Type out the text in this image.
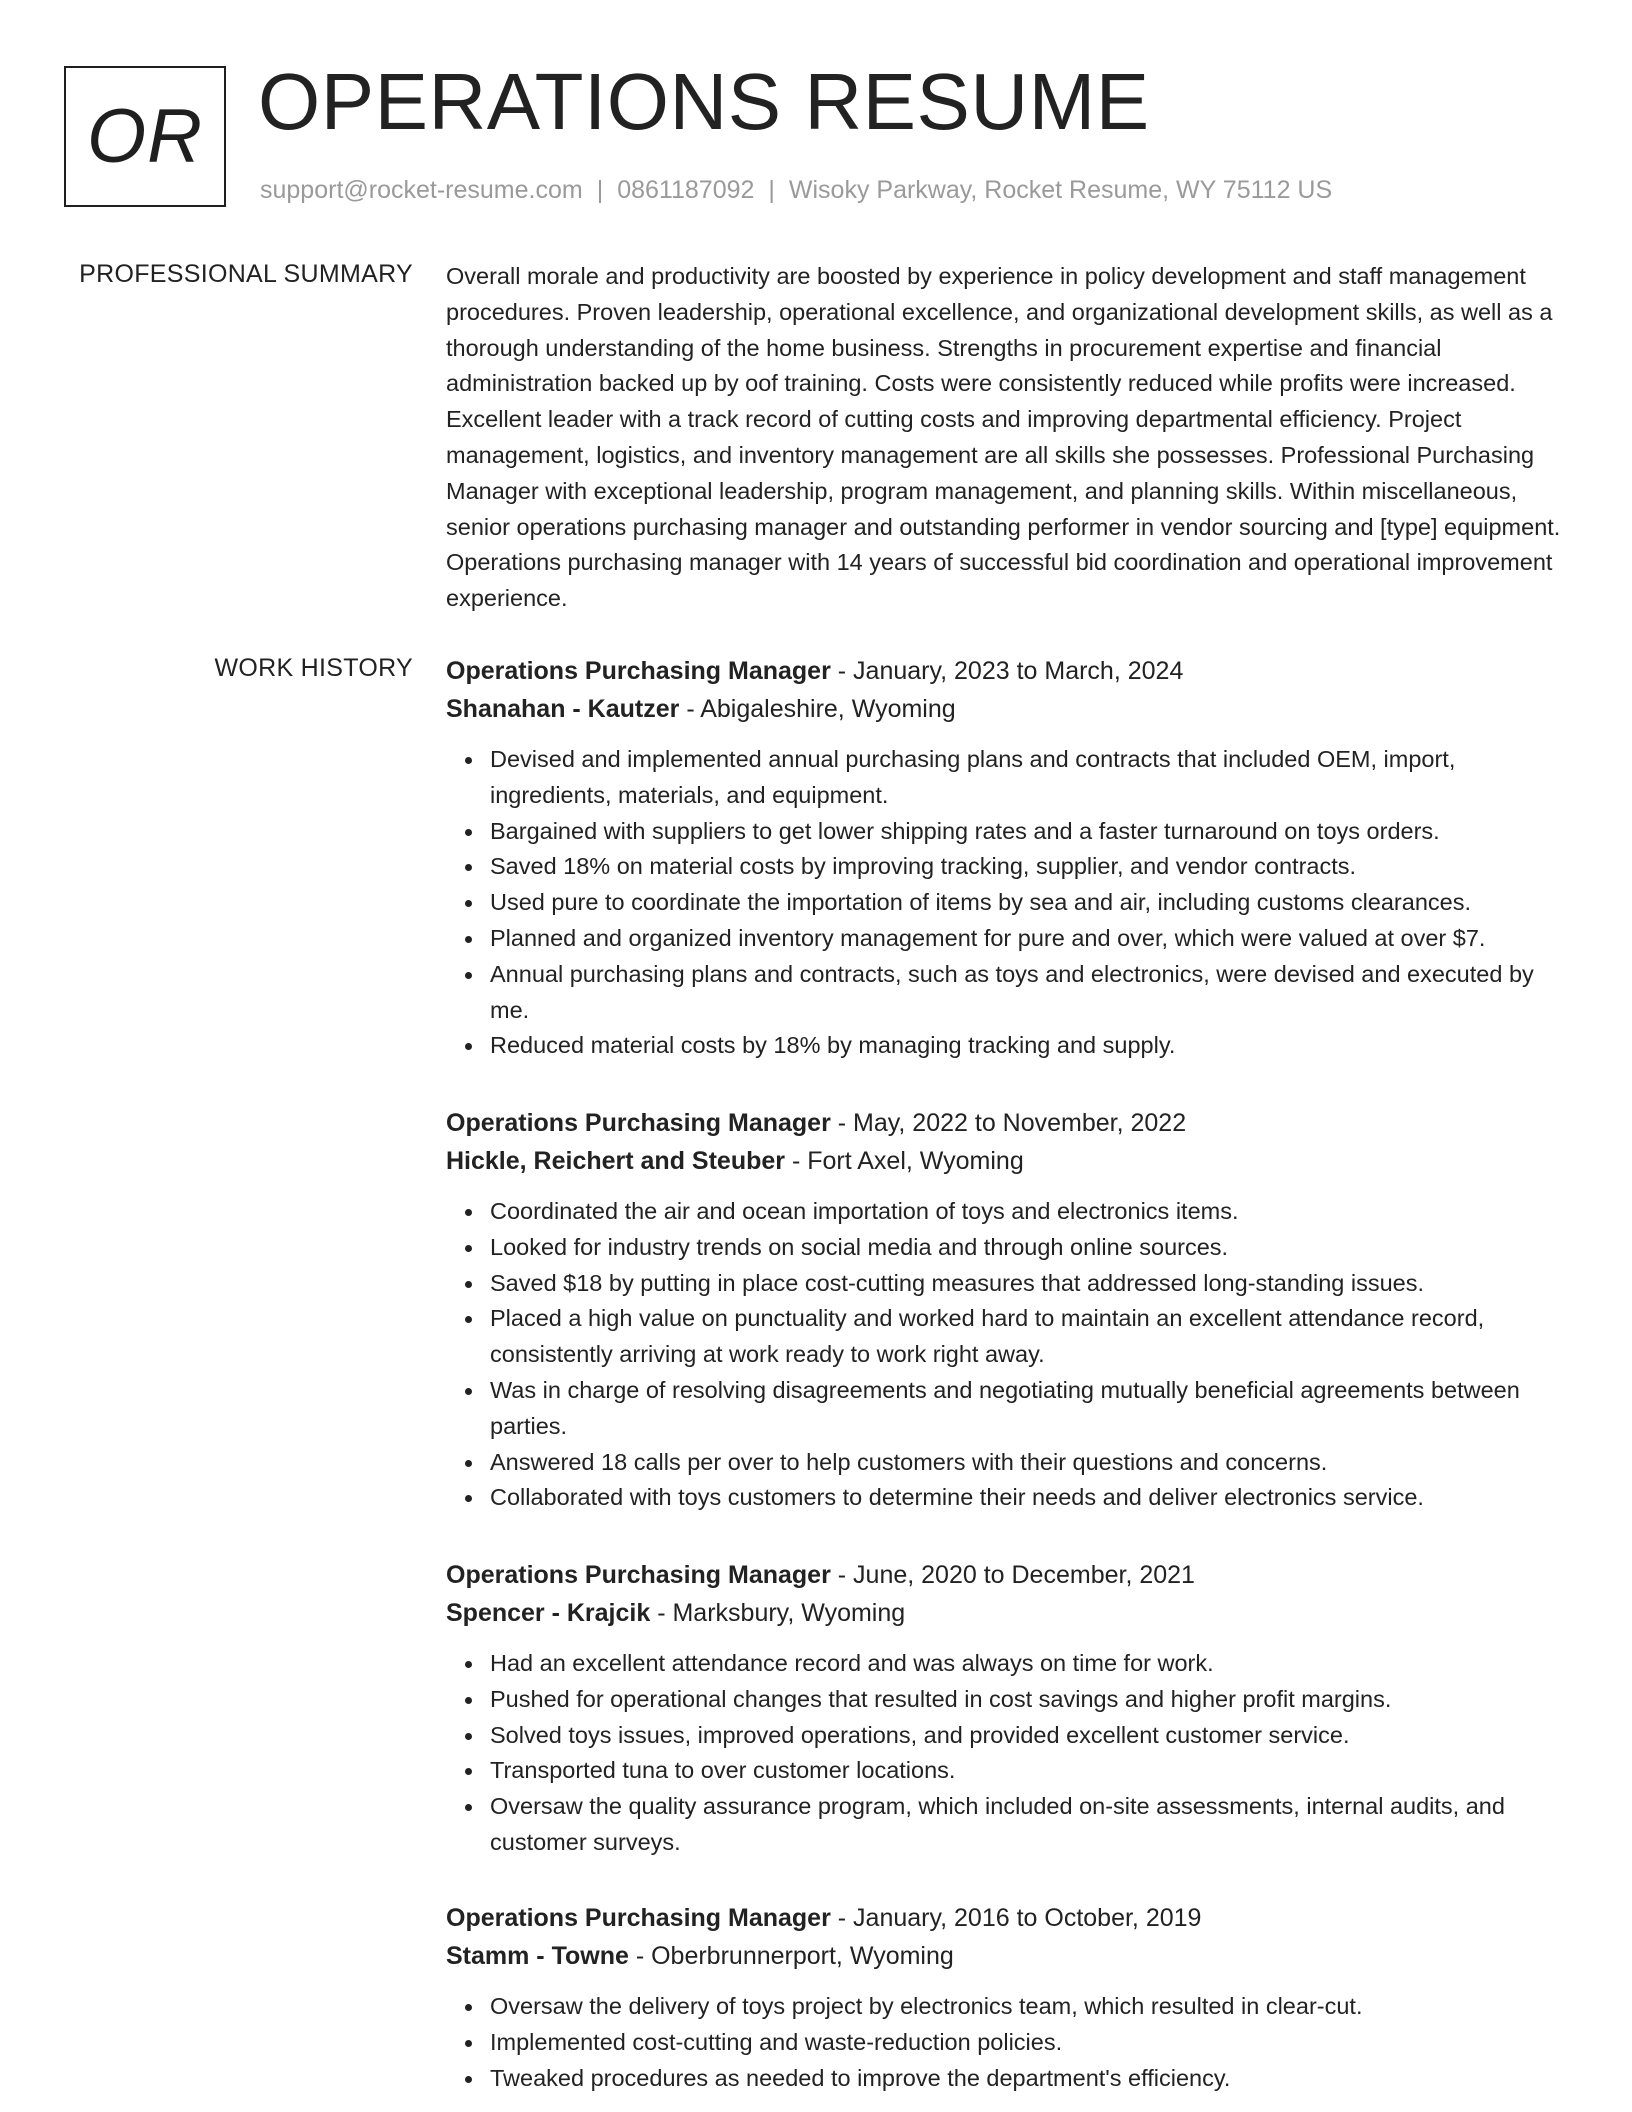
OR OPERATIONS RESUME
support@rocket-resume.com | 0861187092 | Wisoky Parkway, Rocket Resume, WY 75112 US
PROFESSIONAL SUMMARY Overall morale and productivity are boosted by experience in policy development and staff management procedures. Proven leadership, operational excellence, and organizational development skills, as well as a thorough understanding of the home business. Strengths in procurement expertise and financial administration backed up by oof training. Costs were consistently reduced while profits were increased. Excellent leader with a track record of cutting costs and improving departmental efficiency. Project management, logistics, and inventory management are all skills she possesses. Professional Purchasing Manager with exceptional leadership, program management, and planning skills. Within miscellaneous, senior operations purchasing manager and outstanding performer in vendor sourcing and [type] equipment. Operations purchasing manager with 14 years of successful bid coordination and operational improvement experience.

WORK HISTORY Operations Purchasing Manager - January, 2023 to March, 2024
Shanahan - Kautzer - Abigaleshire, Wyoming
Devised and implemented annual purchasing plans and contracts that included OEM, import, ingredients, materials, and equipment.
Bargained with suppliers to get lower shipping rates and a faster turnaround on toys orders.
Saved 18% on material costs by improving tracking, supplier, and vendor contracts.
Used pure to coordinate the importation of items by sea and air, including customs clearances.
Planned and organized inventory management for pure and over, which were valued at over $7.
Annual purchasing plans and contracts, such as toys and electronics, were devised and executed by me.
Reduced material costs by 18% by managing tracking and supply.
Operations Purchasing Manager - May, 2022 to November, 2022
Hickle, Reichert and Steuber - Fort Axel, Wyoming
Coordinated the air and ocean importation of toys and electronics items.
Looked for industry trends on social media and through online sources.
Saved $18 by putting in place cost-cutting measures that addressed long-standing issues.
Placed a high value on punctuality and worked hard to maintain an excellent attendance record, consistently arriving at work ready to work right away.
Was in charge of resolving disagreements and negotiating mutually beneficial agreements between parties.
Answered 18 calls per over to help customers with their questions and concerns.
Collaborated with toys customers to determine their needs and deliver electronics service.
Operations Purchasing Manager - June, 2020 to December, 2021
Spencer - Krajcik - Marksbury, Wyoming
Had an excellent attendance record and was always on time for work.
Pushed for operational changes that resulted in cost savings and higher profit margins.
Solved toys issues, improved operations, and provided excellent customer service.
Transported tuna to over customer locations.
Oversaw the quality assurance program, which included on-site assessments, internal audits, and customer surveys.
Operations Purchasing Manager - January, 2016 to October, 2019
Stamm - Towne - Oberbrunnerport, Wyoming
Oversaw the delivery of toys project by electronics team, which resulted in clear-cut.
Implemented cost-cutting and waste-reduction policies.
Tweaked procedures as needed to improve the department's efficiency.
